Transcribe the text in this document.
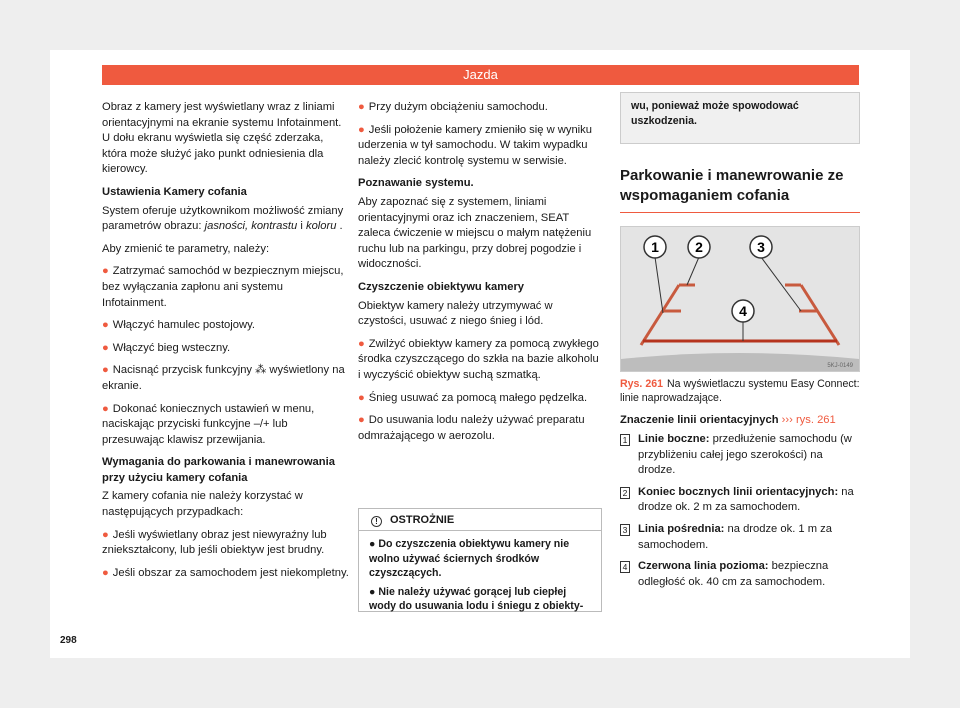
Jazda
Obraz z kamery jest wyświetlany wraz z liniami orientacyjnymi na ekranie systemu Infotainment. U dołu ekranu wyświetla się część zderzaka, która może służyć jako punkt odniesienia dla kierowcy.
Ustawienia Kamery cofania
System oferuje użytkownikom możliwość zmiany parametrów obrazu: jasności, kontrastu i koloru .
Aby zmienić te parametry, należy:
● Zatrzymać samochód w bezpiecznym miejscu, bez wyłączania zapłonu ani systemu Infotainment.
● Włączyć hamulec postojowy.
● Włączyć bieg wsteczny.
● Nacisnąć przycisk funkcyjny ⁂ wyświetlony na ekranie.
● Dokonać koniecznych ustawień w menu, naciskając przyciski funkcyjne –/+ lub przesuwając klawisz przewijania.
Wymagania do parkowania i manewrowania przy użyciu kamery cofania
Z kamery cofania nie należy korzystać w następujących przypadkach:
● Jeśli wyświetlany obraz jest niewyraźny lub zniekształcony, lub jeśli obiektyw jest brudny.
● Jeśli obszar za samochodem jest niekompletny.
298
● Przy dużym obciążeniu samochodu.
● Jeśli położenie kamery zmieniło się w wyniku uderzenia w tył samochodu. W takim wypadku należy zlecić kontrolę systemu w serwisie.
Poznawanie systemu.
Aby zapoznać się z systemem, liniami orientacyjnymi oraz ich znaczeniem, SEAT zaleca ćwiczenie w miejscu o małym natężeniu ruchu lub na parkingu, przy dobrej pogodzie i widoczności.
Czyszczenie obiektywu kamery
Obiektyw kamery należy utrzymywać w czystości, usuwać z niego śnieg i lód.
● Zwilżyć obiektyw kamery za pomocą zwykłego środka czyszczącego do szkła na bazie alkoholu i wyczyścić obiektyw suchą szmatką.
● Śnieg usuwać za pomocą małego pędzelka.
● Do usuwania lodu należy używać preparatu odmrażającego w aerozolu.
! OSTROŻNIE
● Do czyszczenia obiektywu kamery nie wolno używać ściernych środków czyszczących.
● Nie należy używać gorącej lub ciepłej wody do usuwania lodu i śniegu z obiekty-
wu, ponieważ może spowodować uszkodzenia.
Parkowanie i manewrowanie ze wspomaganiem cofania
1	2	3
4
5KJ-0149
Rys. 261 Na wyświetlaczu systemu Easy Connect: linie naprowadzające.
Znaczenie linii orientacyjnych ››› rys. 261
1 Linie boczne: przedłużenie samochodu (w przybliżeniu całej jego szerokości) na drodze.
2 Koniec bocznych linii orientacyjnych: na drodze ok. 2 m za samochodem.
3 Linia pośrednia: na drodze ok. 1 m za samochodem.
4 Czerwona linia pozioma: bezpieczna odległość ok. 40 cm za samochodem.
